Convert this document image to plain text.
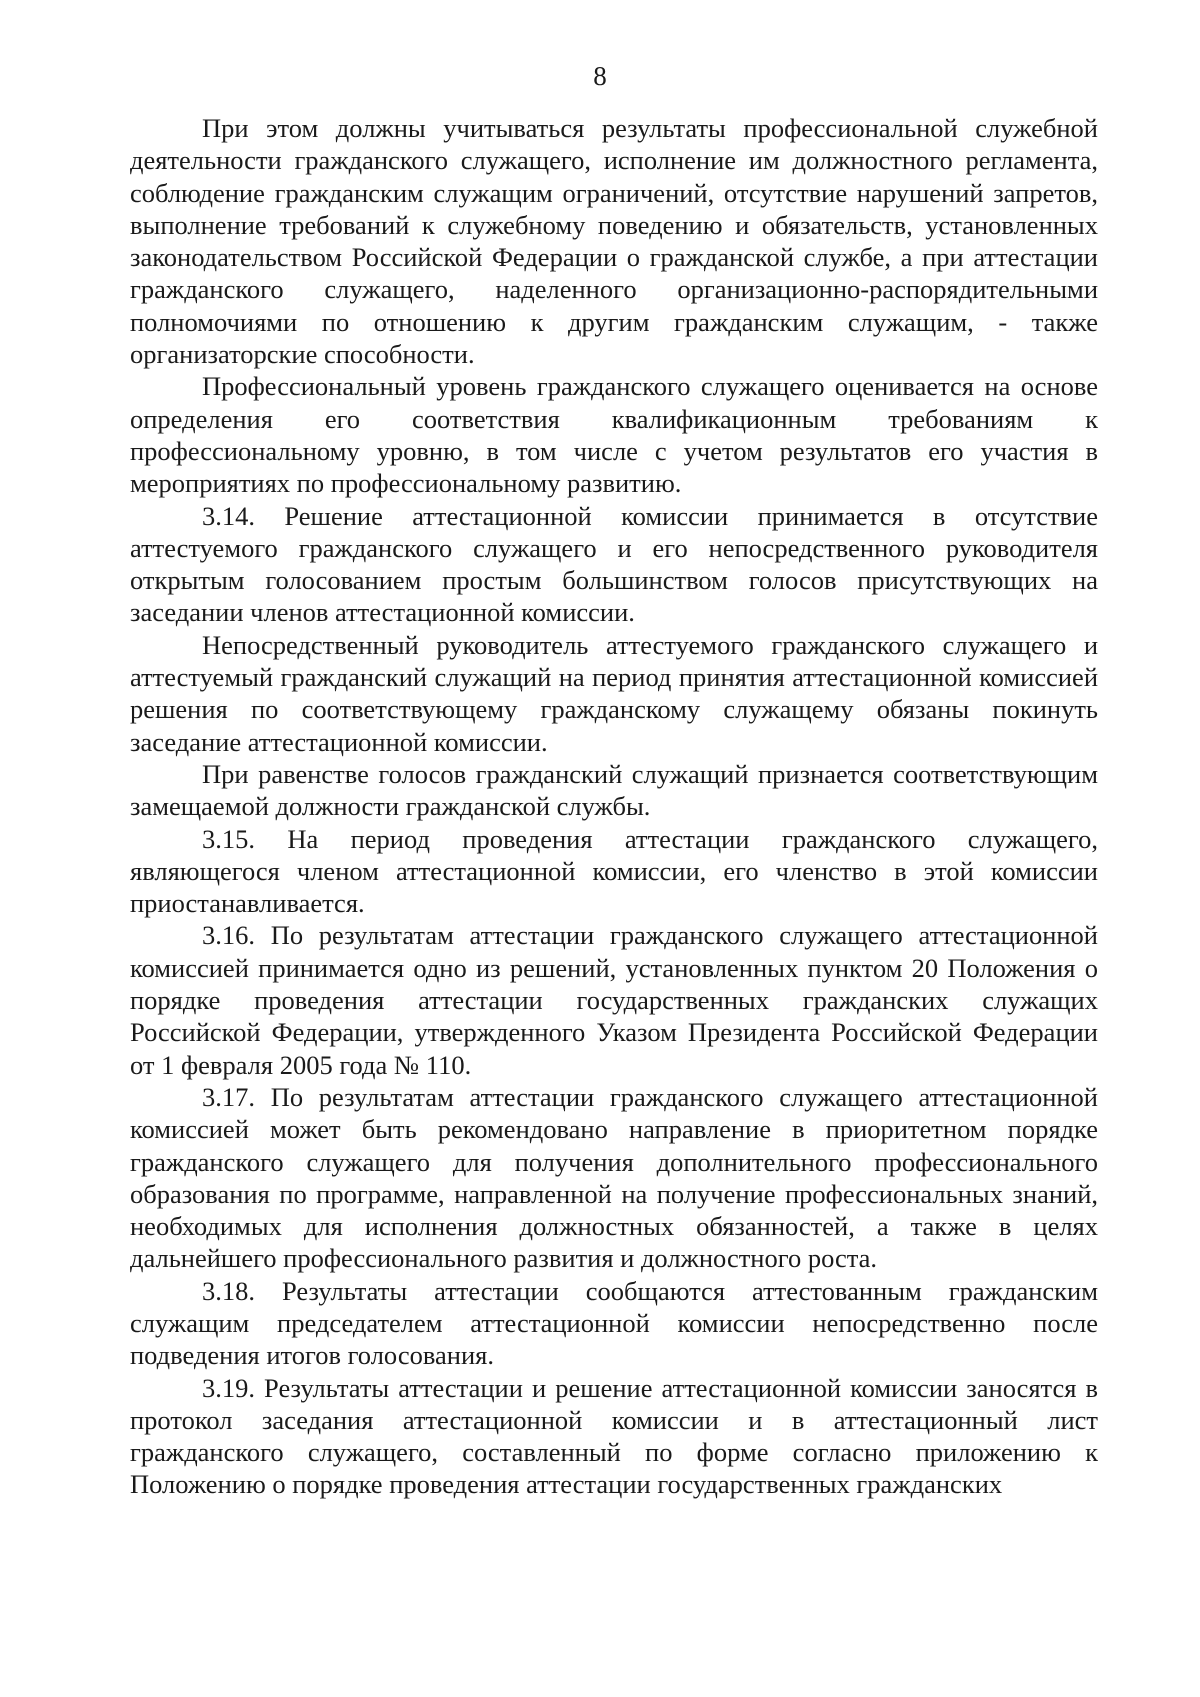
8

При этом должны учитываться результаты профессиональной служебной деятельности гражданского служащего, исполнение им должностного регламента, соблюдение гражданским служащим ограничений, отсутствие нарушений запретов, выполнение требований к служебному поведению и обязательств, установленных законодательством Российской Федерации о гражданской службе, а при аттестации гражданского служащего, наделенного организационно-распорядительными полномочиями по отношению к другим гражданским служащим, - также организаторские способности.

Профессиональный уровень гражданского служащего оценивается на основе определения его соответствия квалификационным требованиям к профессиональному уровню, в том числе с учетом результатов его участия в мероприятиях по профессиональному развитию.

3.14. Решение аттестационной комиссии принимается в отсутствие аттестуемого гражданского служащего и его непосредственного руководителя открытым голосованием простым большинством голосов присутствующих на заседании членов аттестационной комиссии.

Непосредственный руководитель аттестуемого гражданского служащего и аттестуемый гражданский служащий на период принятия аттестационной комиссией решения по соответствующему гражданскому служащему обязаны покинуть заседание аттестационной комиссии.

При равенстве голосов гражданский служащий признается соответствующим замещаемой должности гражданской службы.

3.15. На период проведения аттестации гражданского служащего, являющегося членом аттестационной комиссии, его членство в этой комиссии приостанавливается.

3.16. По результатам аттестации гражданского служащего аттестационной комиссией принимается одно из решений, установленных пунктом 20 Положения о порядке проведения аттестации государственных гражданских служащих Российской Федерации, утвержденного Указом Президента Российской Федерации от 1 февраля 2005 года № 110.

3.17. По результатам аттестации гражданского служащего аттестационной комиссией может быть рекомендовано направление в приоритетном порядке гражданского служащего для получения дополнительного профессионального образования по программе, направленной на получение профессиональных знаний, необходимых для исполнения должностных обязанностей, а также в целях дальнейшего профессионального развития и должностного роста.

3.18. Результаты аттестации сообщаются аттестованным гражданским служащим председателем аттестационной комиссии непосредственно после подведения итогов голосования.

3.19. Результаты аттестации и решение аттестационной комиссии заносятся в протокол заседания аттестационной комиссии и в аттестационный лист гражданского служащего, составленный по форме согласно приложению к Положению о порядке проведения аттестации государственных гражданских
